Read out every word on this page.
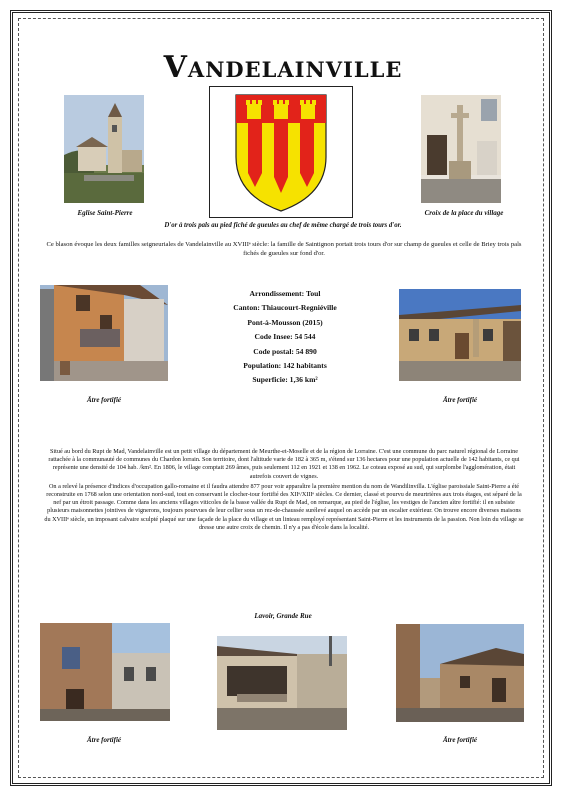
Vandelainville
Eglise Saint-Pierre	Croix de la place du village
D'or à trois pals au pied fiché de gueules au chef de même chargé de trois tours d'or.
Ce blason évoque les deux familles seigneuriales de Vandelainville au XVIIIᵉ siècle: la famille de Saintignon portait trois tours d'or sur champ de gueules et celle de Briey trois pals fichés de gueules sur fond d'or.
Ätre fortifié
Arrondissement: Toul
Canton: Thiaucourt-Regniéville
Pont-à-Mousson (2015)
Code Insee: 54 544
Code postal: 54 890
Population: 142 habitants
Superficie: 1,36 km²
Ätre fortifié

Situé au bord du Rupt de Mad, Vandelainville est un petit village du département de Meurthe-et-Moselle et de la région de Lorraine. C'est une commune du parc naturel régional de Lorraine rattachée à la communauté de communes du Chardon lorrain. Son territoire, dont l'altitude varie de 182 à 365 m, s'étend sur 136 hectares pour une population actuelle de 142 habitants, ce qui représente une densité de 104 hab. /km². En 1806, le village comptait 269 âmes, puis seulement 112 en 1921 et 138 en 1962. Le coteau exposé au sud, qui surplombe l'agglomération, était autrefois couvert de vignes.

On a relevé la présence d'indices d'occupation gallo-romaine et il faudra attendre 877 pour voir apparaître la première mention du nom de Wandilinvilla. L'église paroissiale Saint-Pierre a été reconstruite en 1768 selon une orientation nord-sud, tout en conservant le clocher-tour fortifié des XIIᵉ/XIIIᵉ siècles. Ce dernier, classé et pourvu de meurtrières aux trois étages, est séparé de la nef par un étroit passage. Comme dans les anciens villages viticoles de la basse vallée du Rupt de Mad, on remarque, au pied de l'église, les vestiges de l'ancien aître fortifié: il en subsiste plusieurs maisonnettes jointives de vignerons, toujours pourvues de leur cellier sous un rez-de-chaussée surélevé auquel on accède par un escalier extérieur. On trouve encore diverses maisons du XVIIIᵉ siècle, un imposant calvaire sculpté plaqué sur une façade de la place du village et un linteau remployé représentant Saint-Pierre et les instruments de la passion. Non loin du village se dresse une autre croix de chemin. Il n'y a pas d'école dans la localité.

Lavoir, Grande Rue
Ätre fortifié	Ätre fortifié
